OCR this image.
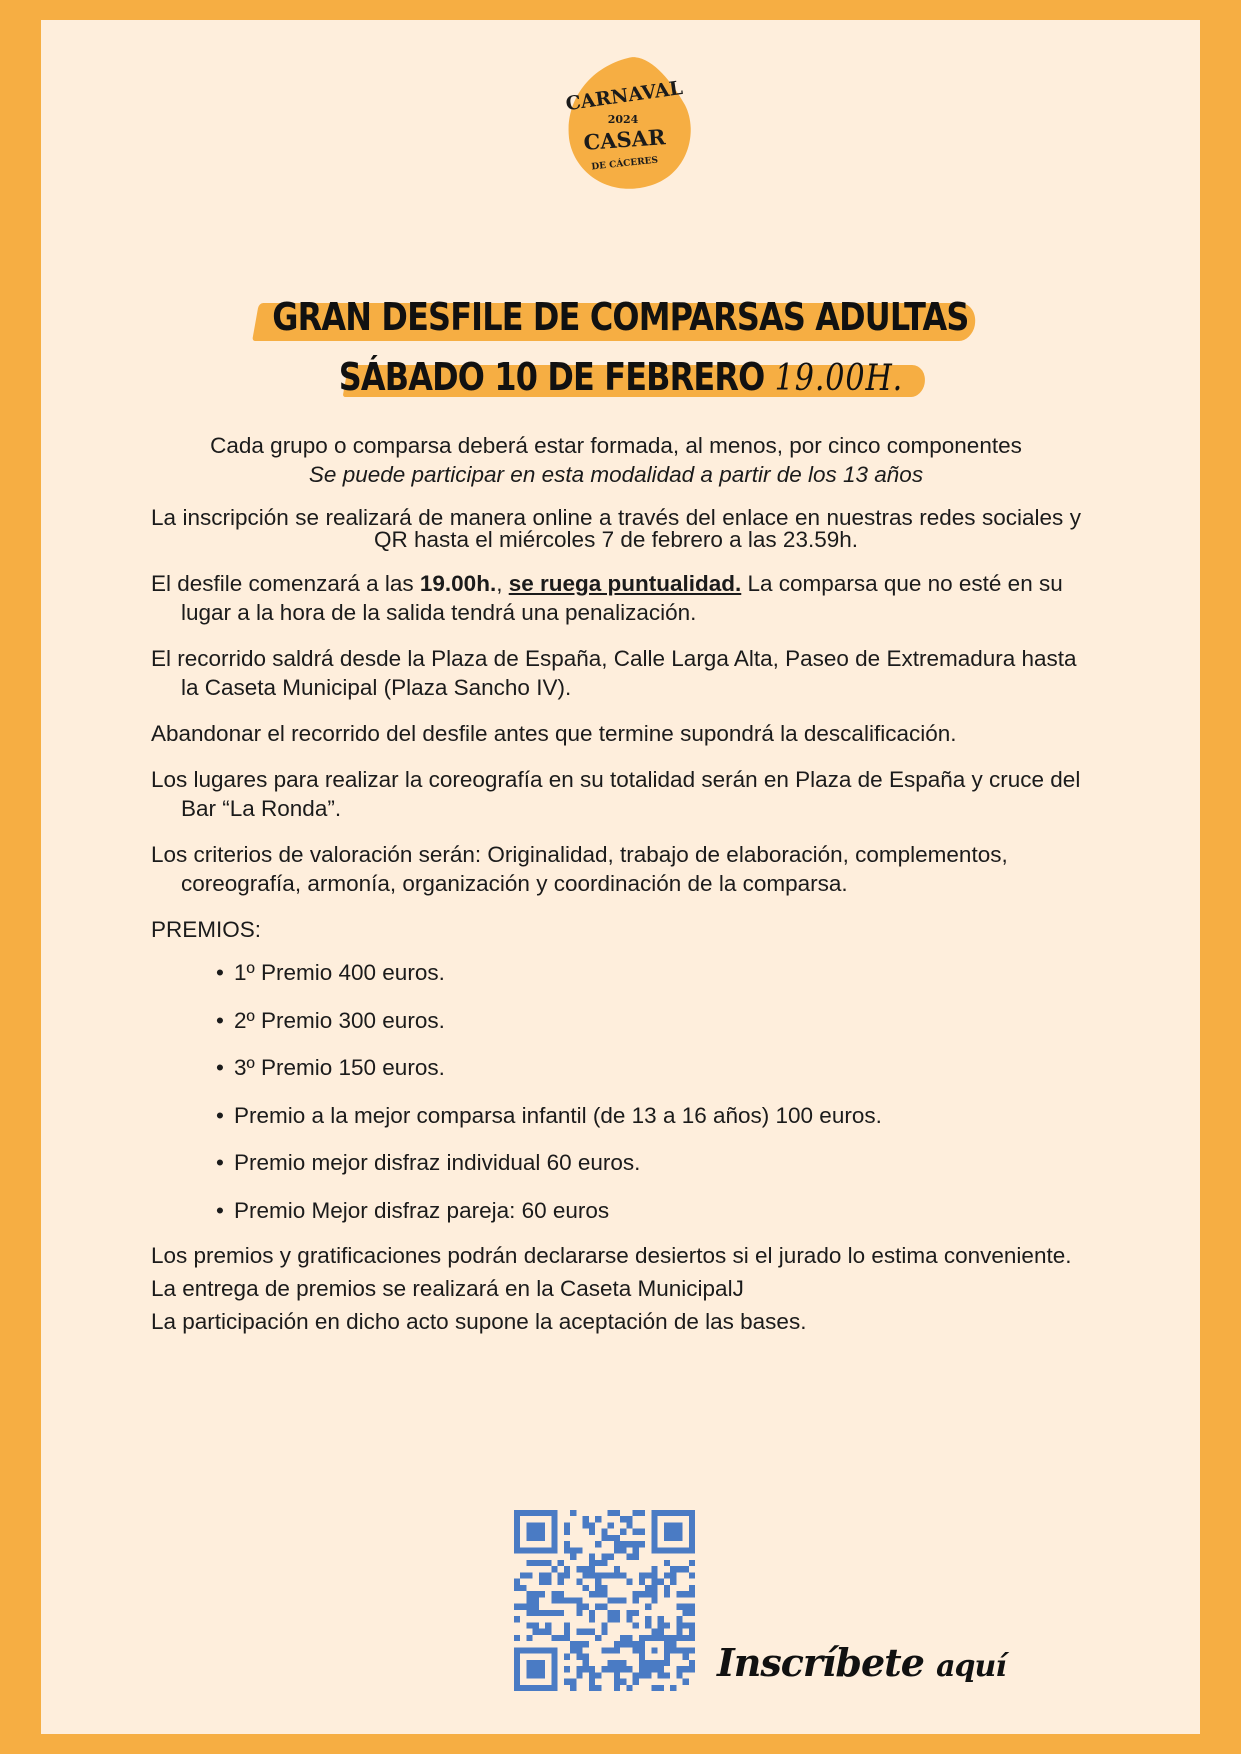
CARNAVAL
2024
CASAR
DE CÁCERES
GRAN DESFILE DE COMPARSAS ADULTAS
SÁBADO 10 DE FEBRERO 19.00H.

Cada grupo o comparsa deberá estar formada, al menos, por cinco componentes

Se puede participar en esta modalidad a partir de los 13 años

La inscripción se realizará de manera online a través del enlace en nuestras redes sociales y QR hasta el miércoles 7 de febrero a las 23.59h.

El desfile comenzará a las 19.00h., se ruega puntualidad. La comparsa que no esté en su lugar a la hora de la salida tendrá una penalización.

El recorrido saldrá desde la Plaza de España, Calle Larga Alta, Paseo de Extremadura hasta la Caseta Municipal (Plaza Sancho IV).

Abandonar el recorrido del desfile antes que termine supondrá la descalificación.

Los lugares para realizar la coreografía en su totalidad serán en Plaza de España y cruce del Bar “La Ronda”.

Los criterios de valoración serán: Originalidad, trabajo de elaboración, complementos, coreografía, armonía, organización y coordinación de la comparsa.

PREMIOS:

• 1º Premio 400 euros.
• 2º Premio 300 euros.
• 3º Premio 150 euros.
• Premio a la mejor comparsa infantil (de 13 a 16 años) 100 euros.
• Premio mejor disfraz individual 60 euros.
• Premio Mejor disfraz pareja: 60 euros

Los premios y gratificaciones podrán declararse desiertos si el jurado lo estima conveniente.

La entrega de premios se realizará en la Caseta MunicipalJ

La participación en dicho acto supone la aceptación de las bases.

Inscríbete aquí
